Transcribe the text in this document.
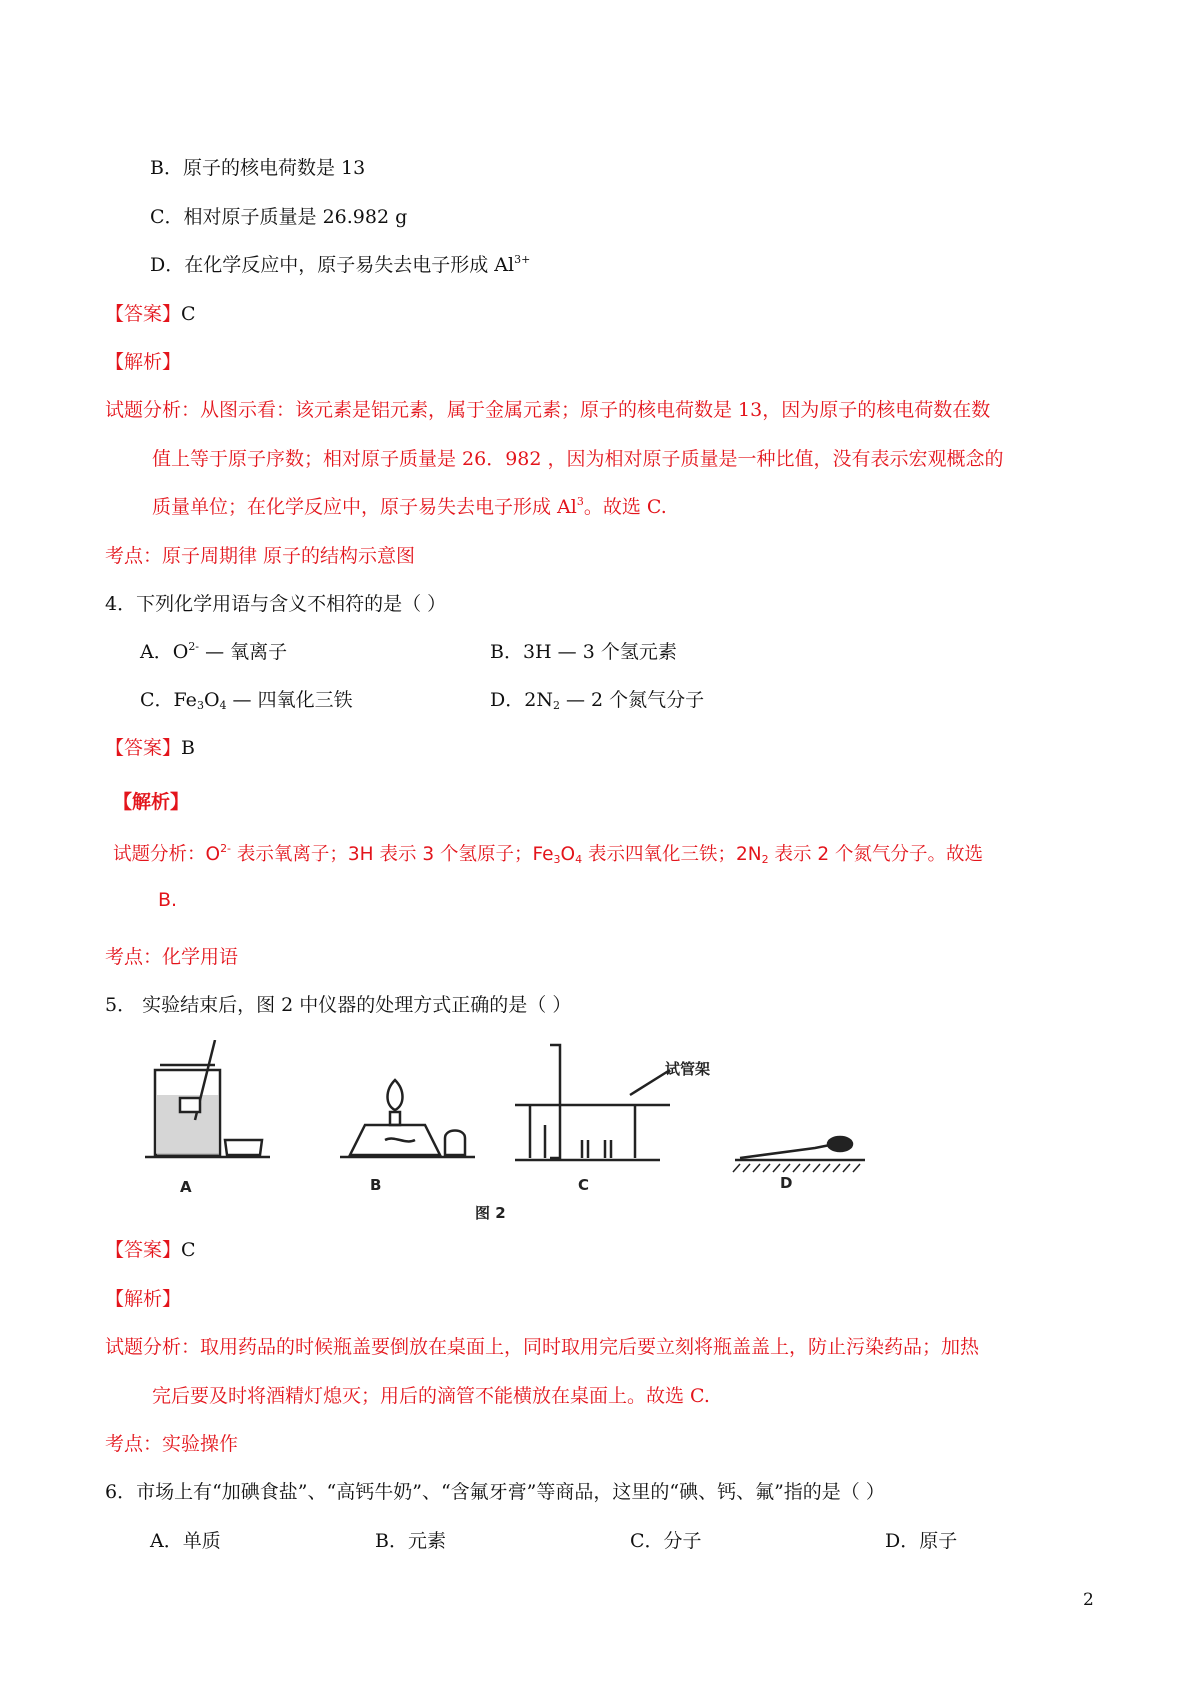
B．原子的核电荷数是 13
C．相对原子质量是 26.982 g
D．在化学反应中，原子易失去电子形成 $Al^{3+}$
【答案】C
【解析】
试题分析：从图示看：该元素是铝元素，属于金属元素；原子的核电荷数是 13，因为原子的核电荷数在数
值上等于原子序数；相对原子质量是 26．982 ，因为相对原子质量是一种比值，没有表示宏观概念的
质量单位；在化学反应中，原子易失去电子形成 Al$^3$。故选 C.
考点：原子周期律 原子的结构示意图
4．下列化学用语与含义不相符的是（ ）
A．$O^{2-}$ — 氧离子	B．3H — 3 个氢元素
C．$Fe_3O_4$ — 四氧化三铁	D．$2N_2$ — 2 个氮气分子
【答案】B
【解析】
试题分析：$O^{2-}$ 表示氧离子；3H 表示 3 个氢原子；$Fe_3O_4$ 表示四氧化三铁；$2N_2$ 表示 2 个氮气分子。故选
B.
考点：化学用语
5． 实验结束后，图 2 中仪器的处理方式正确的是（ ）
试管架
A	B	C	D
图 2
【答案】C
【解析】
试题分析：取用药品的时候瓶盖要倒放在桌面上，同时取用完后要立刻将瓶盖盖上，防止污染药品；加热
完后要及时将酒精灯熄灭；用后的滴管不能横放在桌面上。故选 C.
考点：实验操作
6．市场上有“加碘食盐”、“高钙牛奶”、“含氟牙膏”等商品，这里的“碘、钙、氟”指的是（ ）
A．单质	B．元素	C．分子	D．原子
2
